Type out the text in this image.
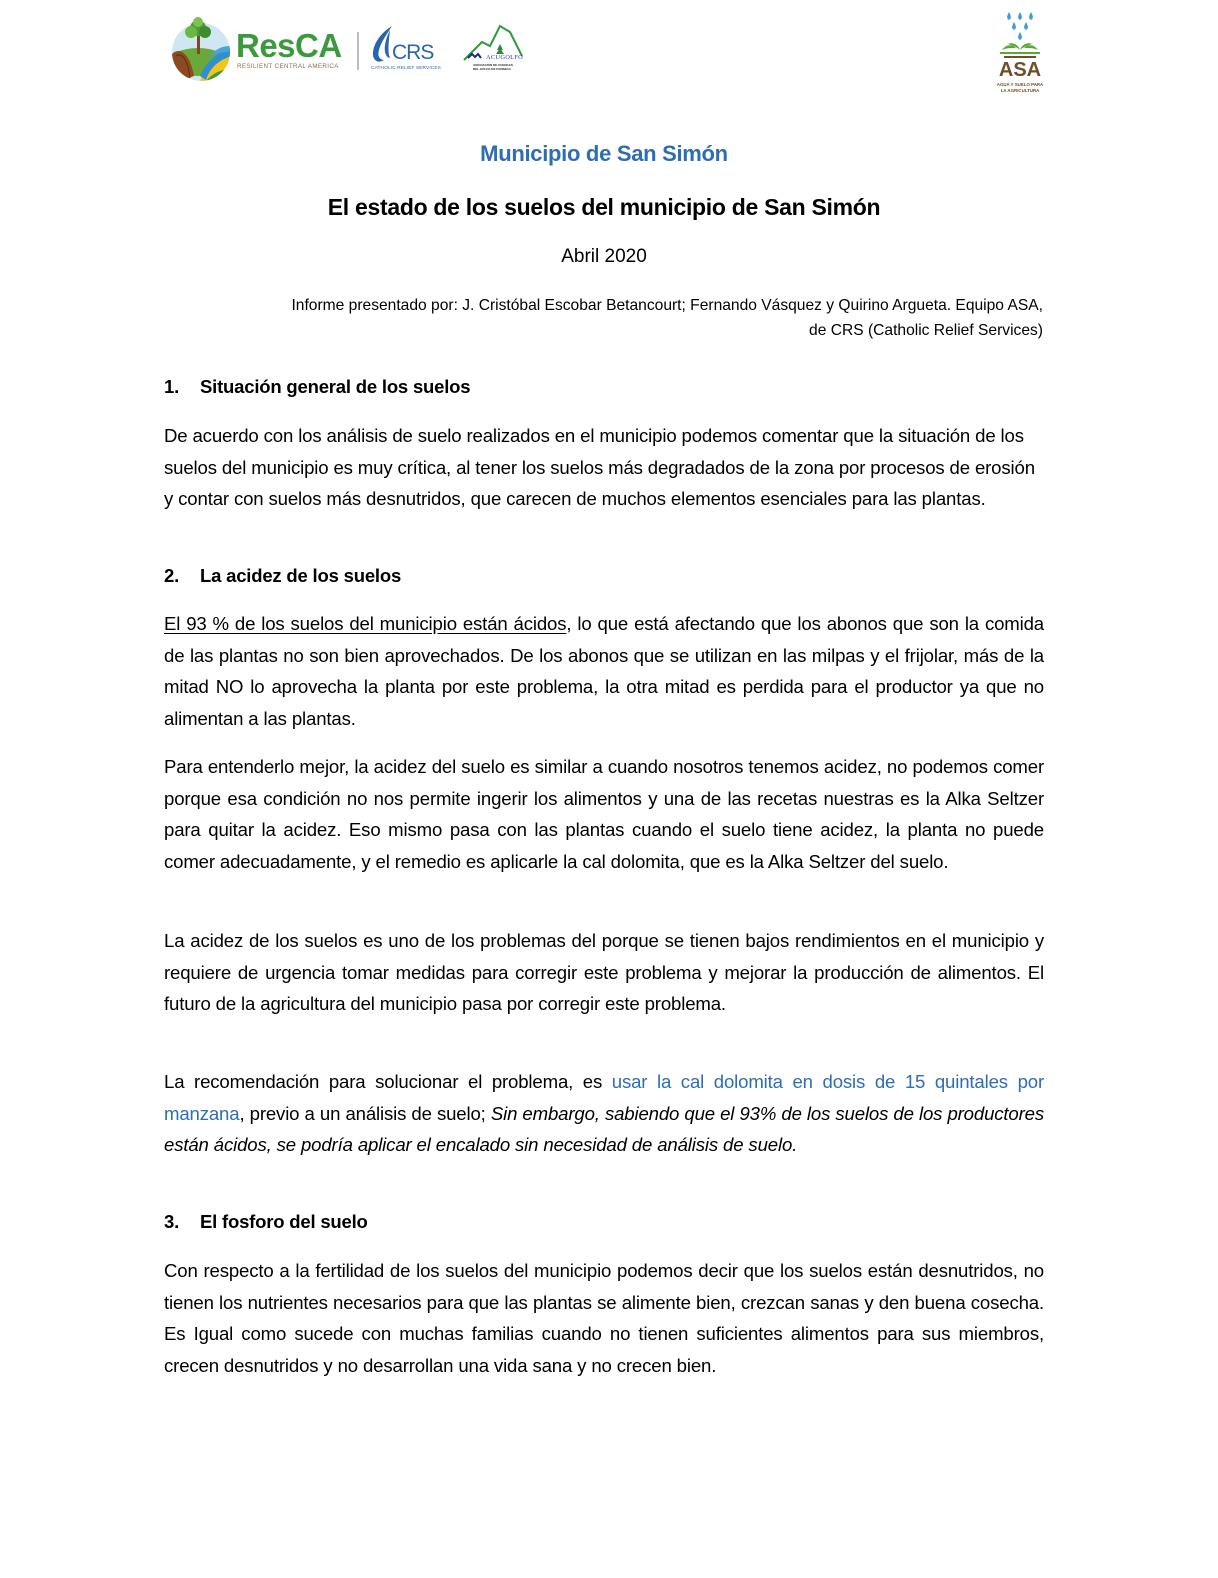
ResCA
RESILIENT CENTRAL AMERICA
CRS
CATHOLIC RELIEF SERVICES
ACUGOLFO
ASOCIACIÓN DE CUENCAS DEL GOLFO DE FONSECA	ASA
AGUA Y SUELO PARA LA AGRICULTURA
Municipio de San Simón
El estado de los suelos del municipio de San Simón
Abril 2020
Informe presentado por: J. Cristóbal Escobar Betancourt; Fernando Vásquez y Quirino Argueta. Equipo ASA,
de CRS (Catholic Relief Services)
1. Situación general de los suelos

De acuerdo con los análisis de suelo realizados en el municipio podemos comentar que la situación de los suelos del municipio es muy crítica, al tener los suelos más degradados de la zona por procesos de erosión y contar con suelos más desnutridos, que carecen de muchos elementos esenciales para las plantas.

2. La acidez de los suelos

El 93 % de los suelos del municipio están ácidos, lo que está afectando que los abonos que son la comida de las plantas no son bien aprovechados. De los abonos que se utilizan en las milpas y el frijolar, más de la mitad NO lo aprovecha la planta por este problema, la otra mitad es perdida para el productor ya que no alimentan a las plantas.

Para entenderlo mejor, la acidez del suelo es similar a cuando nosotros tenemos acidez, no podemos comer porque esa condición no nos permite ingerir los alimentos y una de las recetas nuestras es la Alka Seltzer para quitar la acidez. Eso mismo pasa con las plantas cuando el suelo tiene acidez, la planta no puede comer adecuadamente, y el remedio es aplicarle la cal dolomita, que es la Alka Seltzer del suelo.

La acidez de los suelos es uno de los problemas del porque se tienen bajos rendimientos en el municipio y requiere de urgencia tomar medidas para corregir este problema y mejorar la producción de alimentos. El futuro de la agricultura del municipio pasa por corregir este problema.

La recomendación para solucionar el problema, es usar la cal dolomita en dosis de 15 quintales por manzana, previo a un análisis de suelo; Sin embargo, sabiendo que el 93% de los suelos de los productores están ácidos, se podría aplicar el encalado sin necesidad de análisis de suelo.

3. El fosforo del suelo

Con respecto a la fertilidad de los suelos del municipio podemos decir que los suelos están desnutridos, no tienen los nutrientes necesarios para que las plantas se alimente bien, crezcan sanas y den buena cosecha. Es Igual como sucede con muchas familias cuando no tienen suficientes alimentos para sus miembros, crecen desnutridos y no desarrollan una vida sana y no crecen bien.
